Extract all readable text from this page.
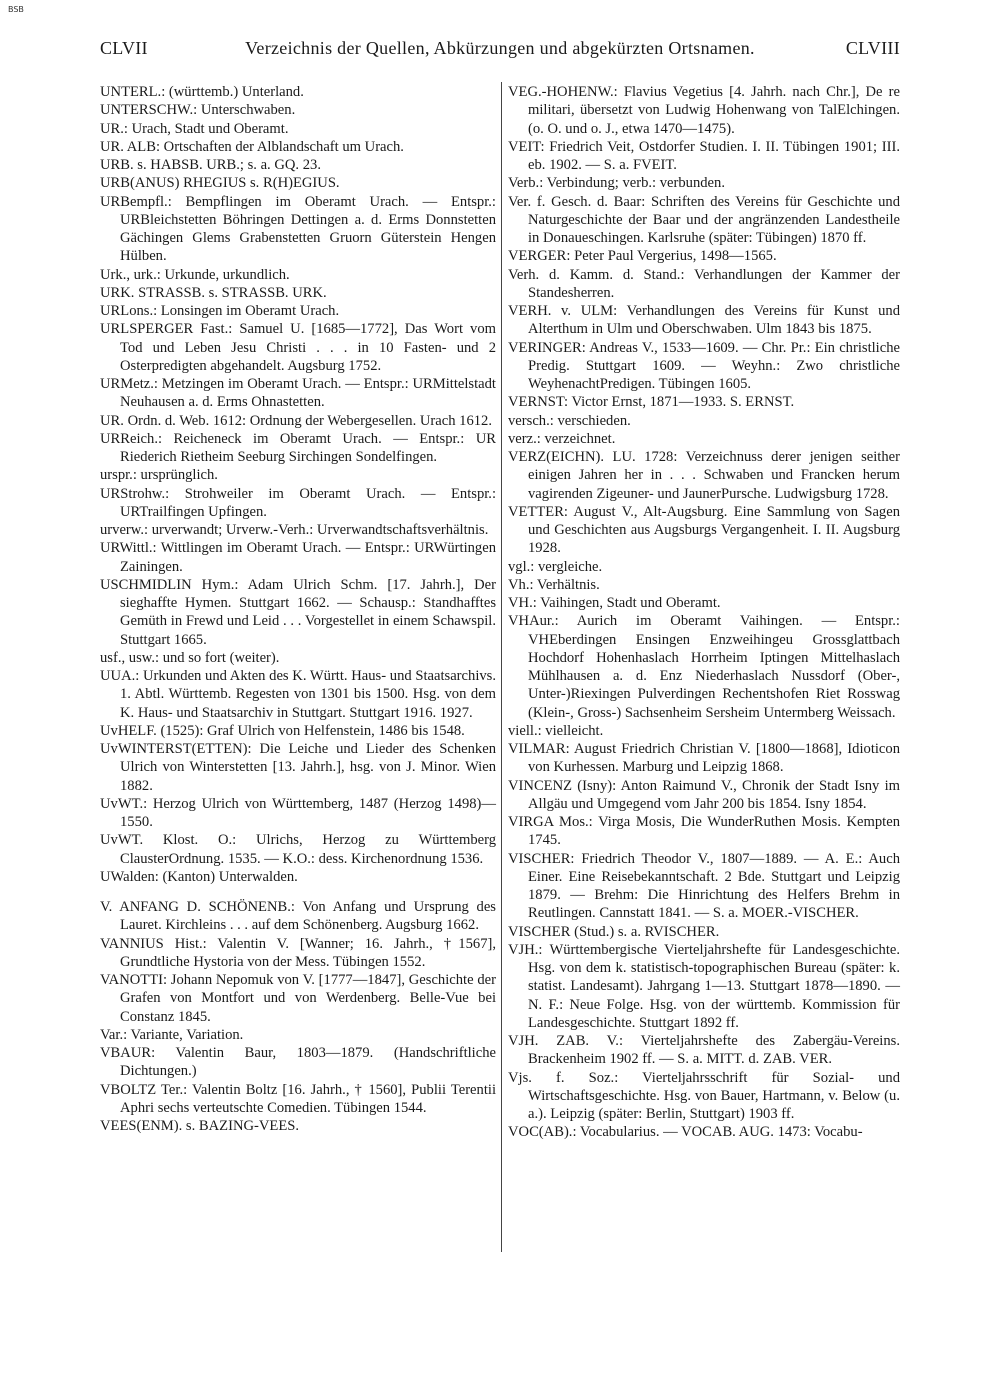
BSB
CLVII	Verzeichnis der Quellen, Abkürzungen und abgekürzten Ortsnamen.	CLVIII

UNTERL.: (württemb.) Unterland.

UNTERSCHW.: Unterschwaben.

UR.: Urach, Stadt und Oberamt.

UR. ALB: Ortschaften der Alblandschaft um Urach.

URB. s. HABSB. URB.; s. a. GQ. 23.

URB(ANUS) RHEGIUS s. R(H)EGIUS.

URBempfl.: Bempflingen im Oberamt Urach. — Entspr.: URBleichstetten Böhringen Dettingen a. d. Erms Donnstetten Gächingen Glems Grabenstetten Gruorn Güterstein Hengen Hülben.

Urk., urk.: Urkunde, urkundlich.

URK. STRASSB. s. STRASSB. URK.

URLons.: Lonsingen im Oberamt Urach.

URLSPERGER Fast.: Samuel U. [1685—1772], Das Wort vom Tod und Leben Jesu Christi . . . in 10 Fasten- und 2 Osterpredigten abgehandelt. Augsburg 1752.

URMetz.: Metzingen im Oberamt Urach. — Entspr.: URMittelstadt Neuhausen a. d. Erms Ohnastetten.

UR. Ordn. d. Web. 1612: Ordnung der Webergesellen. Urach 1612.

URReich.: Reicheneck im Oberamt Urach. — Entspr.: UR Riederich Rietheim Seeburg Sirchingen Sondelfingen.

urspr.: ursprünglich.

URStrohw.: Strohweiler im Oberamt Urach. — Entspr.: URTrailfingen Upfingen.

urverw.: urverwandt; Urverw.-Verh.: Urverwandtschaftsverhältnis.

URWittl.: Wittlingen im Oberamt Urach. — Entspr.: URWürtingen Zainingen.

USCHMIDLIN Hym.: Adam Ulrich Schm. [17. Jahrh.], Der sieghaffte Hymen. Stuttgart 1662. — Schausp.: Standhafftes Gemüth in Frewd und Leid . . . Vorgestellet in einem Schawspil. Stuttgart 1665.

usf., usw.: und so fort (weiter).

UUA.: Urkunden und Akten des K. Württ. Haus- und Staatsarchivs. 1. Abtl. Württemb. Regesten von 1301 bis 1500. Hsg. von dem K. Haus- und Staatsarchiv in Stuttgart. Stuttgart 1916. 1927.

UvHELF. (1525): Graf Ulrich von Helfenstein, 1486 bis 1548.

UvWINTERST(ETTEN): Die Leiche und Lieder des Schenken Ulrich von Winterstetten [13. Jahrh.], hsg. von J. Minor. Wien 1882.

UvWT.: Herzog Ulrich von Württemberg, 1487 (Herzog 1498)—1550.

UvWT. Klost. O.: Ulrichs, Herzog zu Württemberg ClausterOrdnung. 1535. — K.O.: dess. Kirchenordnung 1536.

UWalden: (Kanton) Unterwalden.

V. ANFANG D. SCHÖNENB.: Von Anfang und Ursprung des Lauret. Kirchleins . . . auf dem Schönenberg. Augsburg 1662.

VANNIUS Hist.: Valentin V. [Wanner; 16. Jahrh., †1567], Grundtliche Hystoria von der Mess. Tübingen 1552.

VANOTTI: Johann Nepomuk von V. [1777—1847], Geschichte der Grafen von Montfort und von Werdenberg. Belle-Vue bei Constanz 1845.

Var.: Variante, Variation.

VBAUR: Valentin Baur, 1803—1879. (Handschriftliche Dichtungen.)

VBOLTZ Ter.: Valentin Boltz [16. Jahrh., † 1560], Publii Terentii Aphri sechs verteutschte Comedien. Tübingen 1544.

VEES(ENM). s. BAZING-VEES.

VEG.-HOHENW.: Flavius Vegetius [4. Jahrh. nach Chr.], De re militari, übersetzt von Ludwig Hohenwang von TalElchingen. (o. O. und o. J., etwa 1470—1475).

VEIT: Friedrich Veit, Ostdorfer Studien. I. II. Tübingen 1901; III. eb. 1902. — S. a. FVEIT.

Verb.: Verbindung; verb.: verbunden.

Ver. f. Gesch. d. Baar: Schriften des Vereins für Geschichte und Naturgeschichte der Baar und der angränzenden Landestheile in Donaueschingen. Karlsruhe (später: Tübingen) 1870 ff.

VERGER: Peter Paul Vergerius, 1498—1565.

Verh. d. Kamm. d. Stand.: Verhandlungen der Kammer der Standesherren.

VERH. v. ULM: Verhandlungen des Vereins für Kunst und Alterthum in Ulm und Oberschwaben. Ulm 1843 bis 1875.

VERINGER: Andreas V., 1533—1609. — Chr. Pr.: Ein christliche Predig. Stuttgart 1609. — Weyhn.: Zwo christliche WeyhenachtPredigen. Tübingen 1605.

VERNST: Victor Ernst, 1871—1933. S. ERNST.

versch.: verschieden.

verz.: verzeichnet.

VERZ(EICHN). LU. 1728: Verzeichnuss derer jenigen seither einigen Jahren her in . . . Schwaben und Francken herum vagirenden Zigeuner- und JaunerPursche. Ludwigsburg 1728.

VETTER: August V., Alt-Augsburg. Eine Sammlung von Sagen und Geschichten aus Augsburgs Vergangenheit. I. II. Augsburg 1928.

vgl.: vergleiche.

Vh.: Verhältnis.

VH.: Vaihingen, Stadt und Oberamt.

VHAur.: Aurich im Oberamt Vaihingen. — Entspr.: VHEberdingen Ensingen Enzweihingeu Grossglattbach Hochdorf Hohenhaslach Horrheim Iptingen Mittelhaslach Mühlhausen a. d. Enz Niederhaslach Nussdorf (Ober-, Unter-)Riexingen Pulverdingen Rechentshofen Riet Rosswag (Klein-, Gross-) Sachsenheim Sersheim Untermberg Weissach.

viell.: vielleicht.

VILMAR: August Friedrich Christian V. [1800—1868], Idioticon von Kurhessen. Marburg und Leipzig 1868.

VINCENZ (Isny): Anton Raimund V., Chronik der Stadt Isny im Allgäu und Umgegend vom Jahr 200 bis 1854. Isny 1854.

VIRGA Mos.: Virga Mosis, Die WunderRuthen Mosis. Kempten 1745.

VISCHER: Friedrich Theodor V., 1807—1889. — A. E.: Auch Einer. Eine Reisebekanntschaft. 2 Bde. Stuttgart und Leipzig 1879. — Brehm: Die Hinrichtung des Helfers Brehm in Reutlingen. Cannstatt 1841. — S. a. MOER.-VISCHER.

VISCHER (Stud.) s. a. RVISCHER.

VJH.: Württembergische Vierteljahrshefte für Landesgeschichte. Hsg. von dem k. statistisch-topographischen Bureau (später: k. statist. Landesamt). Jahrgang 1—13. Stuttgart 1878—1890. — N. F.: Neue Folge. Hsg. von der württemb. Kommission für Landesgeschichte. Stuttgart 1892 ff.

VJH. ZAB. V.: Vierteljahrshefte des Zabergäu-Vereins. Brackenheim 1902 ff. — S. a. MITT. d. ZAB. VER.

Vjs. f. Soz.: Vierteljahrsschrift für Sozial- und Wirtschaftsgeschichte. Hsg. von Bauer, Hartmann, v. Below (u. a.). Leipzig (später: Berlin, Stuttgart) 1903 ff.

VOC(AB).: Vocabularius. — VOCAB. AUG. 1473: Vocabu-
